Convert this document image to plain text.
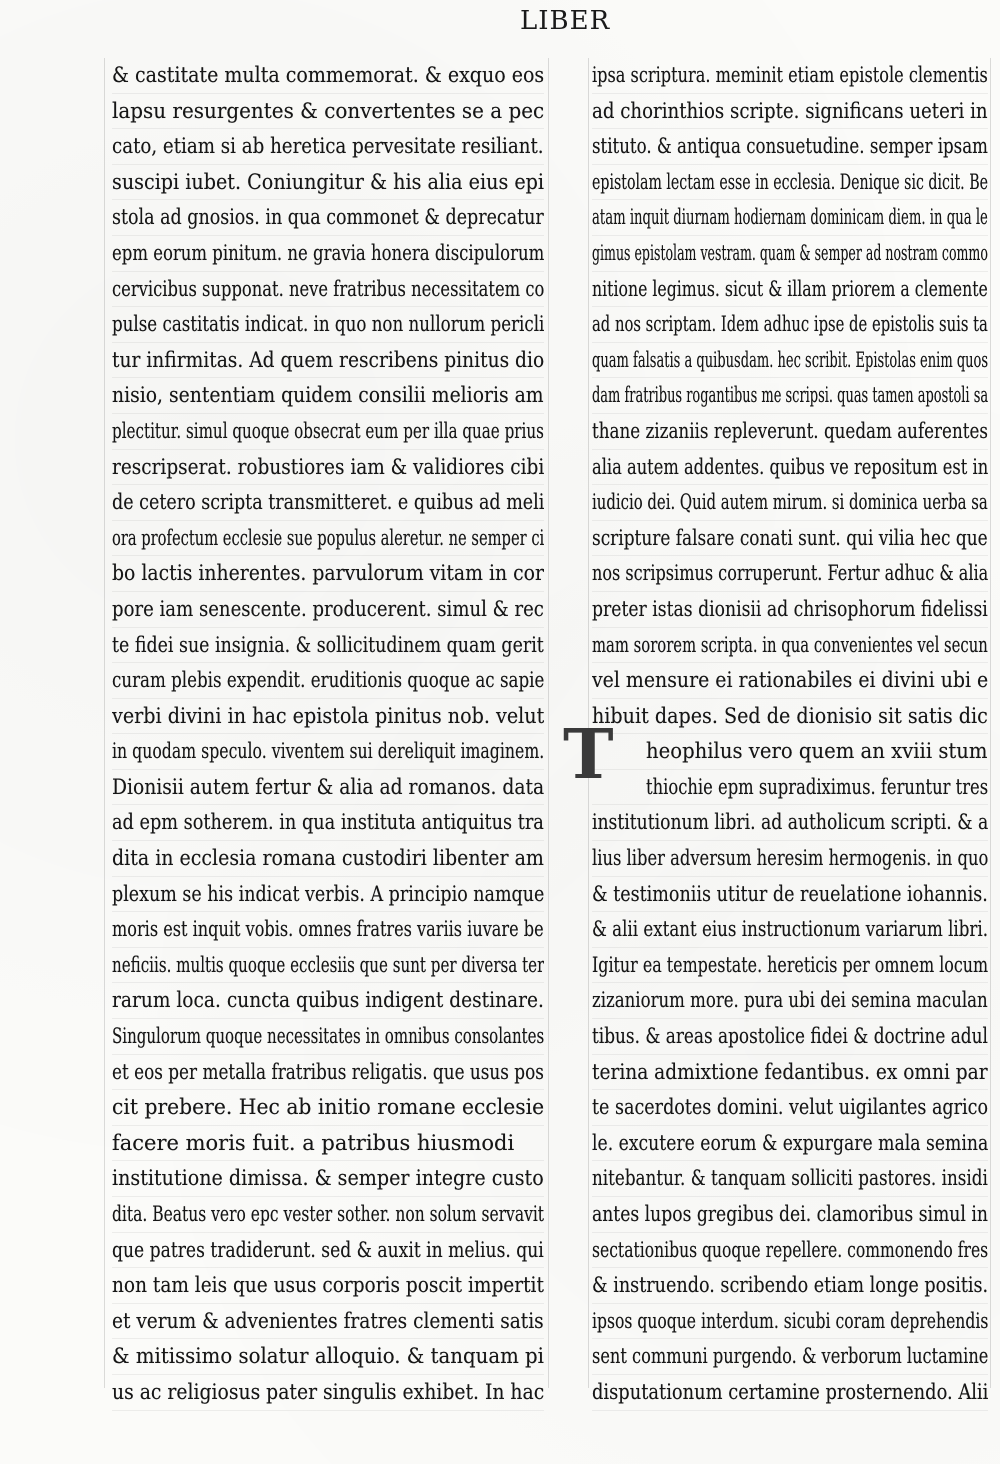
LIBER
& castitate multa commemorat. & exquo eos
lapsu resurgentes & convertentes se a pec
cato, etiam si ab heretica pervesitate resiliant.
suscipi iubet. Coniungitur & his alia eius epi
stola ad gnosios. in qua commonet & deprecatur
epm eorum pinitum. ne gravia honera discipulorum
cervicibus supponat. neve fratribus necessitatem co
pulse castitatis indicat. in quo non nullorum pericli
tur infirmitas. Ad quem rescribens pinitus dio
nisio, sententiam quidem consilii melioris am
plectitur. simul quoque obsecrat eum per illa quae prius
rescripserat. robustiores iam & validiores cibi
de cetero scripta transmitteret. e quibus ad meli
ora profectum ecclesie sue populus aleretur. ne semper ci
bo lactis inherentes. parvulorum vitam in cor
pore iam senescente. producerent. simul & rec
te fidei sue insignia. & sollicitudinem quam gerit
curam plebis expendit. eruditionis quoque ac sapie
verbi divini in hac epistola pinitus nob. velut
in quodam speculo. viventem sui dereliquit imaginem.
Dionisii autem fertur & alia ad romanos. data
ad epm sotherem. in qua instituta antiquitus tra
dita in ecclesia romana custodiri libenter am
plexum se his indicat verbis. A principio namque
moris est inquit vobis. omnes fratres variis iuvare be
neficiis. multis quoque ecclesiis que sunt per diversa ter
rarum loca. cuncta quibus indigent destinare.
Singulorum quoque necessitates in omnibus consolantes
et eos per metalla fratribus religatis. que usus pos
cit prebere. Hec ab initio romane ecclesie
facere moris fuit. a patribus hiusmodi
institutione dimissa. & semper integre custo
dita. Beatus vero epc vester sother. non solum servavit
que patres tradiderunt. sed & auxit in melius. qui
non tam leis que usus corporis poscit impertit
et verum & advenientes fratres clementi satis
& mitissimo solatur alloquio. & tanquam pi
us ac religiosus pater singulis exhibet. In hac
ipsa scriptura. meminit etiam epistole clementis
ad chorinthios scripte. significans ueteri in
stituto. & antiqua consuetudine. semper ipsam
epistolam lectam esse in ecclesia. Denique sic dicit. Be
atam inquit diurnam hodiernam dominicam diem. in qua le
gimus epistolam vestram. quam & semper ad nostram commo
nitione legimus. sicut & illam priorem a clemente
ad nos scriptam. Idem adhuc ipse de epistolis suis ta
quam falsatis a quibusdam. hec scribit. Epistolas enim quos
dam fratribus rogantibus me scripsi. quas tamen apostoli sa
thane zizaniis repleverunt. quedam auferentes
alia autem addentes. quibus ve repositum est in
iudicio dei. Quid autem mirum. si dominica uerba sa
scripture falsare conati sunt. qui vilia hec que
nos scripsimus corruperunt. Fertur adhuc & alia
preter istas dionisii ad chrisophorum fidelissi
mam sororem scripta. in qua convenientes vel secun
vel mensure ei rationabiles ei divini ubi e
hibuit dapes. Sed de dionisio sit satis dic
heophilus vero quem an xviii stum
thiochie epm supradiximus. feruntur tres
institutionum libri. ad autholicum scripti. & a
lius liber adversum heresim hermogenis. in quo
& testimoniis utitur de reuelatione iohannis.
& alii extant eius instructionum variarum libri.
Igitur ea tempestate. hereticis per omnem locum
zizaniorum more. pura ubi dei semina maculan
tibus. & areas apostolice fidei & doctrine adul
terina admixtione fedantibus. ex omni par
te sacerdotes domini. velut uigilantes agrico
le. excutere eorum & expurgare mala semina
nitebantur. & tanquam solliciti pastores. insidi
antes lupos gregibus dei. clamoribus simul in
sectationibus quoque repellere. commonendo fres
& instruendo. scribendo etiam longe positis.
ipsos quoque interdum. sicubi coram deprehendis
sent communi purgendo. & verborum luctamine
disputationum certamine prosternendo. Alii
T
